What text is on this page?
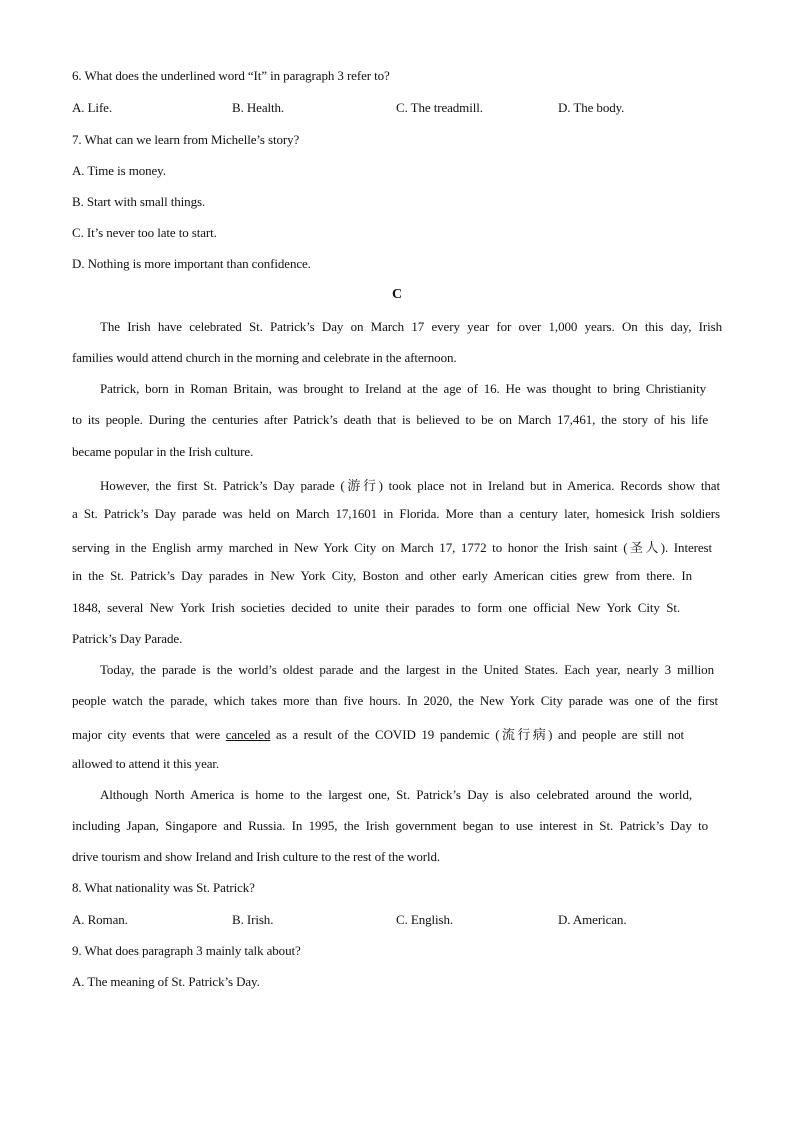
6. What does the underlined word “It” in paragraph 3 refer to?
A. Life.	B. Health.	C. The treadmill.	D. The body.
7. What can we learn from Michelle’s story?
A. Time is money.
B. Start with small things.
C. It’s never too late to start.
D. Nothing is more important than confidence.
C
The Irish have celebrated St. Patrick’s Day on March 17 every year for over 1,000 years. On this day, Irish
families would attend church in the morning and celebrate in the afternoon.
Patrick, born in Roman Britain, was brought to Ireland at the age of 16. He was thought to bring Christianity
to its people. During the centuries after Patrick’s death that is believed to be on March 17,461, the story of his life
became popular in the Irish culture.
However, the first St. Patrick’s Day parade (游行) took place not in Ireland but in America. Records show that
a St. Patrick’s Day parade was held on March 17,1601 in Florida. More than a century later, homesick Irish soldiers
serving in the English army marched in New York City on March 17, 1772 to honor the Irish saint (圣人). Interest
in the St. Patrick’s Day parades in New York City, Boston and other early American cities grew from there. In
1848, several New York Irish societies decided to unite their parades to form one official New York City St.
Patrick’s Day Parade.
Today, the parade is the world’s oldest parade and the largest in the United States. Each year, nearly 3 million
people watch the parade, which takes more than five hours. In 2020, the New York City parade was one of the first
major city events that were canceled as a result of the COVID 19 pandemic (流行病) and people are still not
allowed to attend it this year.
Although North America is home to the largest one, St. Patrick’s Day is also celebrated around the world,
including Japan, Singapore and Russia. In 1995, the Irish government began to use interest in St. Patrick’s Day to
drive tourism and show Ireland and Irish culture to the rest of the world.
8. What nationality was St. Patrick?
A. Roman.	B. Irish.	C. English.	D. American.
9. What does paragraph 3 mainly talk about?
A. The meaning of St. Patrick’s Day.
